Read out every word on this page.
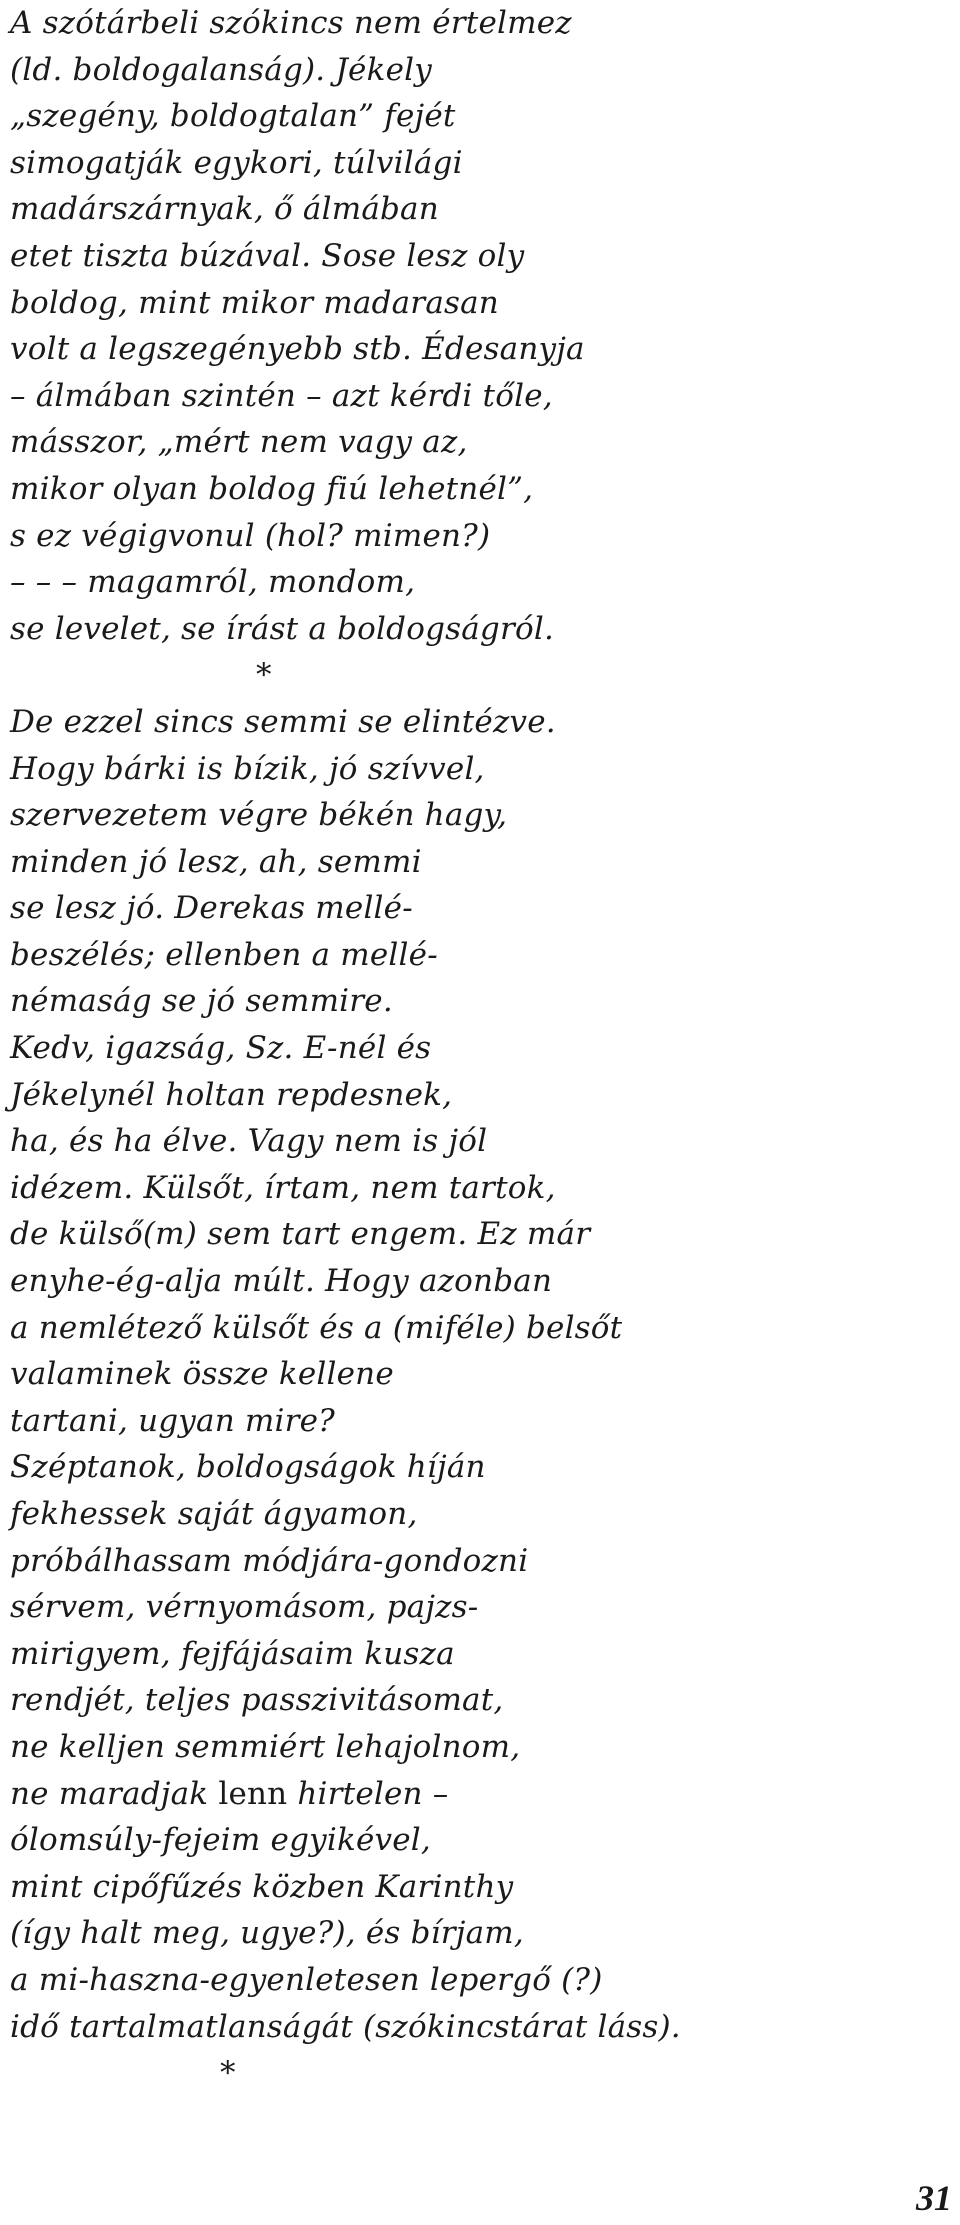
A szótárbeli szókincs nem értelmez
(ld. boldogalanság). Jékely
„szegény, boldogtalan” fejét
simogatják egykori, túlvilági
madárszárnyak, ő álmában
etet tiszta búzával. Sose lesz oly
boldog, mint mikor madarasan
volt a legszegényebb stb. Édesanyja
– álmában szintén – azt kérdi tőle,
másszor, „mért nem vagy az,
mikor olyan boldog fiú lehetnél”,
s ez végigvonul (hol? mimen?)
– – – magamról, mondom,
se levelet, se írást a boldogságról.
*
De ezzel sincs semmi se elintézve.
Hogy bárki is bízik, jó szívvel,
szervezetem végre békén hagy,
minden jó lesz, ah, semmi
se lesz jó. Derekas mellé-
beszélés; ellenben a mellé-
némaság se jó semmire.
Kedv, igazság, Sz. E-nél és
Jékelynél holtan repdesnek,
ha, és ha élve. Vagy nem is jól
idézem. Külsőt, írtam, nem tartok,
de külső(m) sem tart engem. Ez már
enyhe-ég-alja múlt. Hogy azonban
a nemlétező külsőt és a (miféle) belsőt
valaminek össze kellene
tartani, ugyan mire?
Széptanok, boldogságok híján
fekhessek saját ágyamon,
próbálhassam módjára-gondozni
sérvem, vérnyomásom, pajzs-
mirigyem, fejfájásaim kusza
rendjét, teljes passzivitásomat,
ne kelljen semmiért lehajolnom,
ne maradjak lenn hirtelen –
ólomsúly-fejeim egyikével,
mint cipőfűzés közben Karinthy
(így halt meg, ugye?), és bírjam,
a mi-haszna-egyenletesen lepergő (?)
idő tartalmatlanságát (szókincstárat láss).
*
31
